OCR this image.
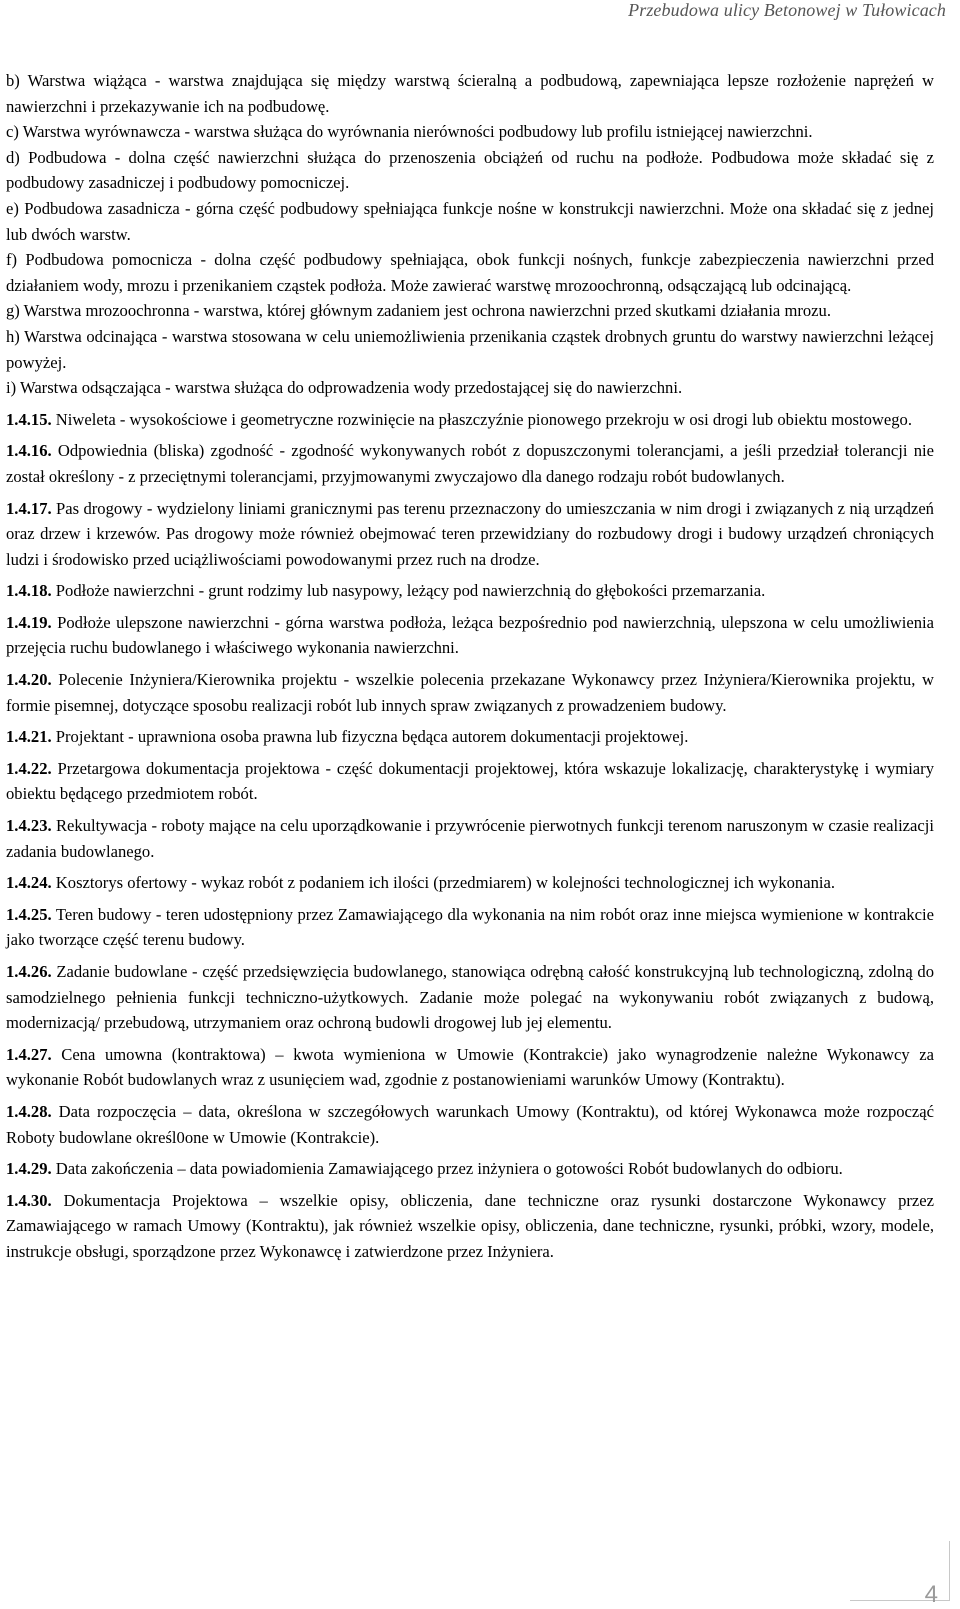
Przebudowa ulicy Betonowej w Tułowicach

b) Warstwa wiążąca - warstwa znajdująca się między warstwą ścieralną a podbudową, zapewniająca lepsze rozłożenie naprężeń w nawierzchni i przekazywanie ich na podbudowę.

c) Warstwa wyrównawcza - warstwa służąca do wyrównania nierówności podbudowy lub profilu istniejącej nawierzchni.

d) Podbudowa - dolna część nawierzchni służąca do przenoszenia obciążeń od ruchu na podłoże. Podbudowa może składać się z podbudowy zasadniczej i podbudowy pomocniczej.

e) Podbudowa zasadnicza - górna część podbudowy spełniająca funkcje nośne w konstrukcji nawierzchni. Może ona składać się z jednej lub dwóch warstw.

f) Podbudowa pomocnicza - dolna część podbudowy spełniająca, obok funkcji nośnych, funkcje zabezpieczenia nawierzchni przed działaniem wody, mrozu i przenikaniem cząstek podłoża. Może zawierać warstwę mrozoochronną, odsączającą lub odcinającą.

g) Warstwa mrozoochronna - warstwa, której głównym zadaniem jest ochrona nawierzchni przed skutkami działania mrozu.

h) Warstwa odcinająca - warstwa stosowana w celu uniemożliwienia przenikania cząstek drobnych gruntu do warstwy nawierzchni leżącej powyżej.

i) Warstwa odsączająca - warstwa służąca do odprowadzenia wody przedostającej się do nawierzchni.

1.4.15. Niweleta - wysokościowe i geometryczne rozwinięcie na płaszczyźnie pionowego przekroju w osi drogi lub obiektu mostowego.

1.4.16. Odpowiednia (bliska) zgodność - zgodność wykonywanych robót z dopuszczonymi tolerancjami, a jeśli przedział tolerancji nie został określony - z przeciętnymi tolerancjami, przyjmowanymi zwyczajowo dla danego rodzaju robót budowlanych.

1.4.17. Pas drogowy - wydzielony liniami granicznymi pas terenu przeznaczony do umieszczania w nim drogi i związanych z nią urządzeń oraz drzew i krzewów. Pas drogowy może również obejmować teren przewidziany do rozbudowy drogi i budowy urządzeń chroniących ludzi i środowisko przed uciążliwościami powodowanymi przez ruch na drodze.

1.4.18. Podłoże nawierzchni - grunt rodzimy lub nasypowy, leżący pod nawierzchnią do głębokości przemarzania.

1.4.19. Podłoże ulepszone nawierzchni - górna warstwa podłoża, leżąca bezpośrednio pod nawierzchnią, ulepszona w celu umożliwienia przejęcia ruchu budowlanego i właściwego wykonania nawierzchni.

1.4.20. Polecenie Inżyniera/Kierownika projektu - wszelkie polecenia przekazane Wykonawcy przez Inżyniera/Kierownika projektu, w formie pisemnej, dotyczące sposobu realizacji robót lub innych spraw związanych z prowadzeniem budowy.

1.4.21. Projektant - uprawniona osoba prawna lub fizyczna będąca autorem dokumentacji projektowej.

1.4.22. Przetargowa dokumentacja projektowa - część dokumentacji projektowej, która wskazuje lokalizację, charakterystykę i wymiary obiektu będącego przedmiotem robót.

1.4.23. Rekultywacja - roboty mające na celu uporządkowanie i przywrócenie pierwotnych funkcji terenom naruszonym w czasie realizacji zadania budowlanego.

1.4.24. Kosztorys ofertowy - wykaz robót z podaniem ich ilości (przedmiarem) w kolejności technologicznej ich wykonania.

1.4.25. Teren budowy - teren udostępniony przez Zamawiającego dla wykonania na nim robót oraz inne miejsca wymienione w kontrakcie jako tworzące część terenu budowy.

1.4.26. Zadanie budowlane - część przedsięwzięcia budowlanego, stanowiąca odrębną całość konstrukcyjną lub technologiczną, zdolną do samodzielnego pełnienia funkcji techniczno-użytkowych. Zadanie może polegać na wykonywaniu robót związanych z budową, modernizacją/ przebudową, utrzymaniem oraz ochroną budowli drogowej lub jej elementu.

1.4.27. Cena umowna (kontraktowa) – kwota wymieniona w Umowie (Kontrakcie) jako wynagrodzenie należne Wykonawcy za wykonanie Robót budowlanych wraz z usunięciem wad, zgodnie z postanowieniami warunków Umowy (Kontraktu).

1.4.28. Data rozpoczęcia – data, określona w szczegółowych warunkach Umowy (Kontraktu), od której Wykonawca może rozpocząć Roboty budowlane określ0one w Umowie (Kontrakcie).

1.4.29. Data zakończenia – data powiadomienia Zamawiającego przez inżyniera o gotowości Robót budowlanych do odbioru.

1.4.30. Dokumentacja Projektowa – wszelkie opisy, obliczenia, dane techniczne oraz rysunki dostarczone Wykonawcy przez Zamawiającego w ramach Umowy (Kontraktu), jak również wszelkie opisy, obliczenia, dane techniczne, rysunki, próbki, wzory, modele, instrukcje obsługi, sporządzone przez Wykonawcę i zatwierdzone przez Inżyniera.

4
